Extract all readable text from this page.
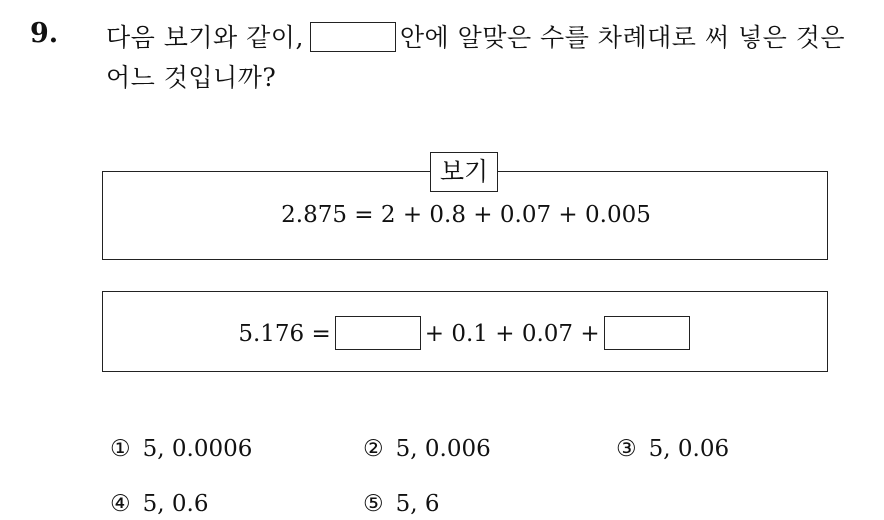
9. 다음 보기와 같이,	안에 알맞은 수를 차례대로 써 넣은 것은
어느 것입니까?
2.875 = 2 + 0.8 + 0.07 + 0.005
보기
5.176 =	+ 0.1 + 0.07 +
① 5, 0.0006	② 5, 0.006	③ 5, 0.06
④ 5, 0.6	⑤ 5, 6
